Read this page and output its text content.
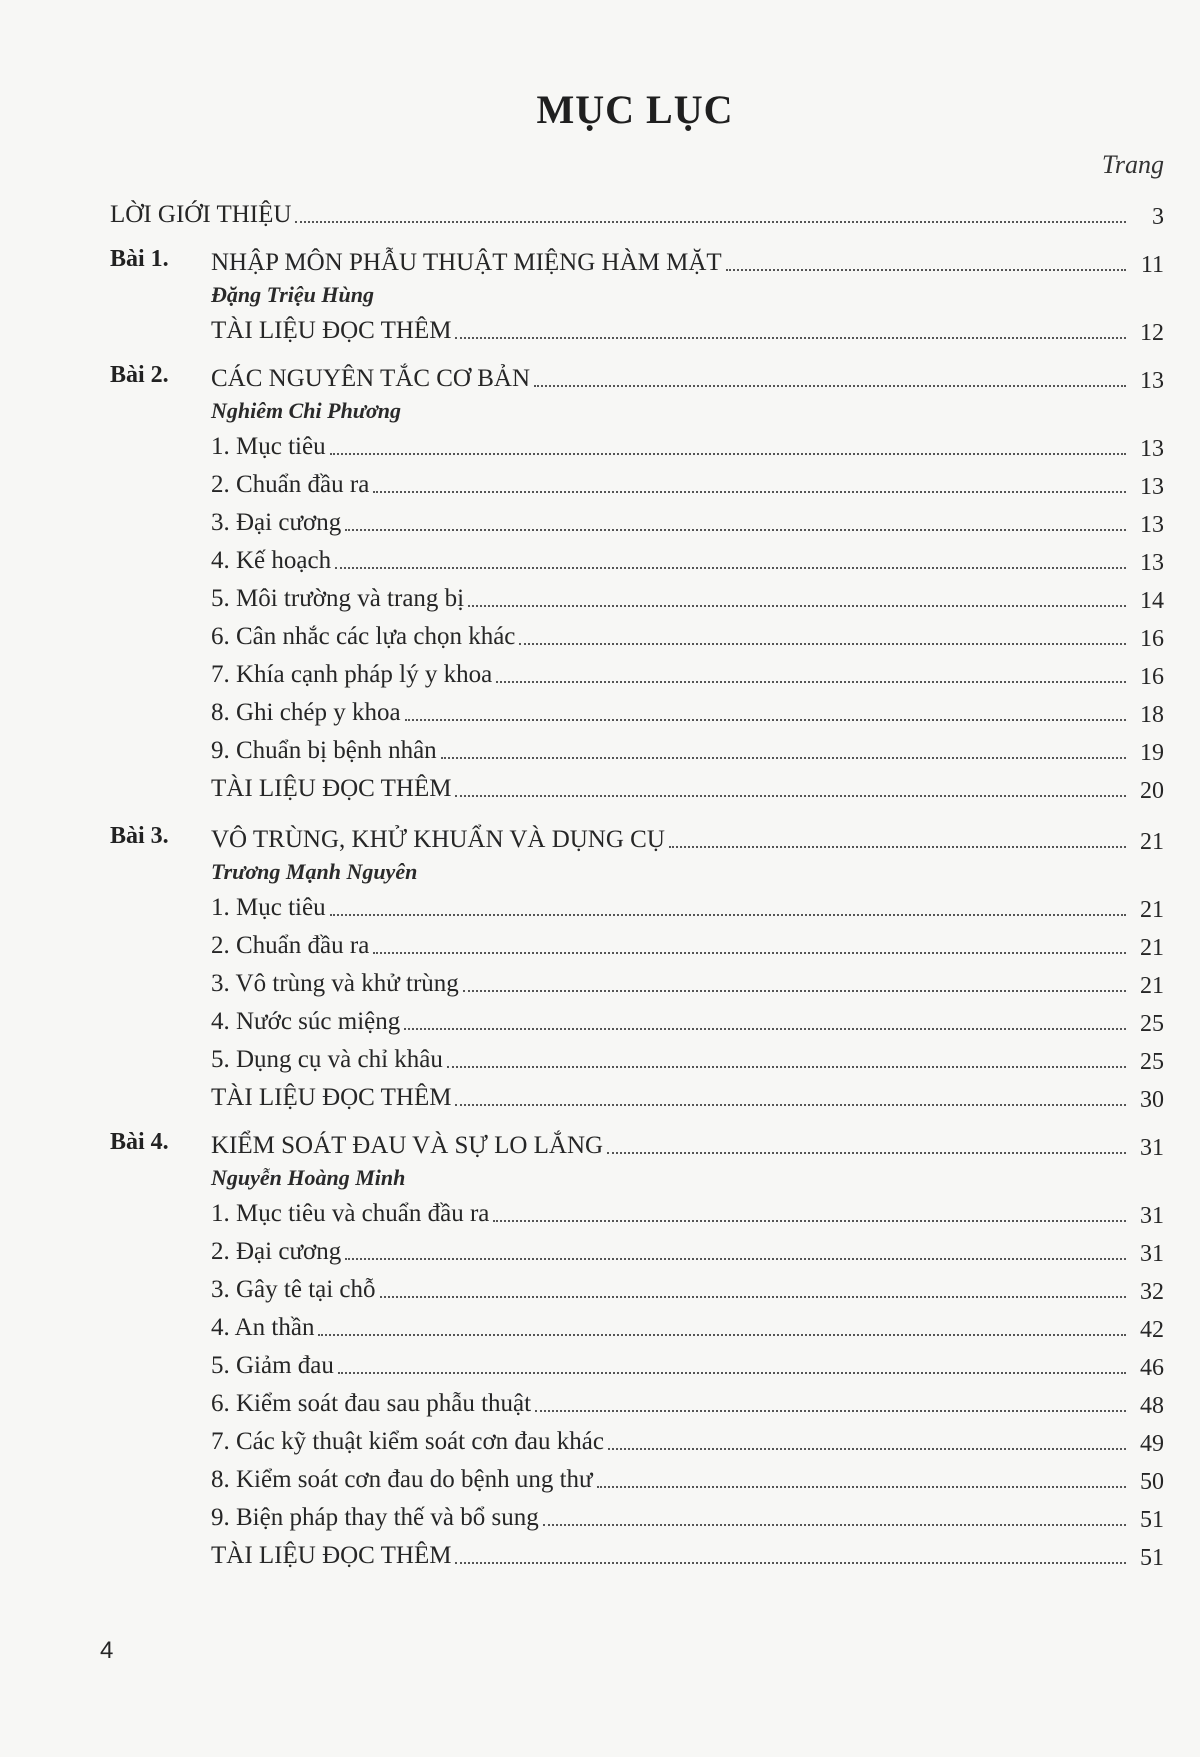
MỤC LỤC
Trang
LỜI GIỚI THIỆU	3
NHẬP MÔN PHẪU THUẬT MIỆNG HÀM MẶT	11
Bài 1.
Đặng Triệu Hùng
TÀI LIỆU ĐỌC THÊM	12
CÁC NGUYÊN TẮC CƠ BẢN	13
Bài 2.
Nghiêm Chi Phương
1. Mục tiêu	13
2. Chuẩn đầu ra	13
3. Đại cương	13
4. Kế hoạch	13
5. Môi trường và trang bị	14
6. Cân nhắc các lựa chọn khác	16
7. Khía cạnh pháp lý y khoa	16
8. Ghi chép y khoa	18
9. Chuẩn bị bệnh nhân	19
TÀI LIỆU ĐỌC THÊM	20
VÔ TRÙNG, KHỬ KHUẨN VÀ DỤNG CỤ	21
Bài 3.
Trương Mạnh Nguyên
1. Mục tiêu	21
2. Chuẩn đầu ra	21
3. Vô trùng và khử trùng	21
4. Nước súc miệng	25
5. Dụng cụ và chỉ khâu	25
TÀI LIỆU ĐỌC THÊM	30
KIỂM SOÁT ĐAU VÀ SỰ LO LẮNG	31
Bài 4.
Nguyễn Hoàng Minh
1. Mục tiêu và chuẩn đầu ra	31
2. Đại cương	31
3. Gây tê tại chỗ	32
4. An thần	42
5. Giảm đau	46
6. Kiểm soát đau sau phẫu thuật	48
7. Các kỹ thuật kiểm soát cơn đau khác	49
8. Kiểm soát cơn đau do bệnh ung thư	50
9. Biện pháp thay thế và bổ sung	51
TÀI LIỆU ĐỌC THÊM	51
4
